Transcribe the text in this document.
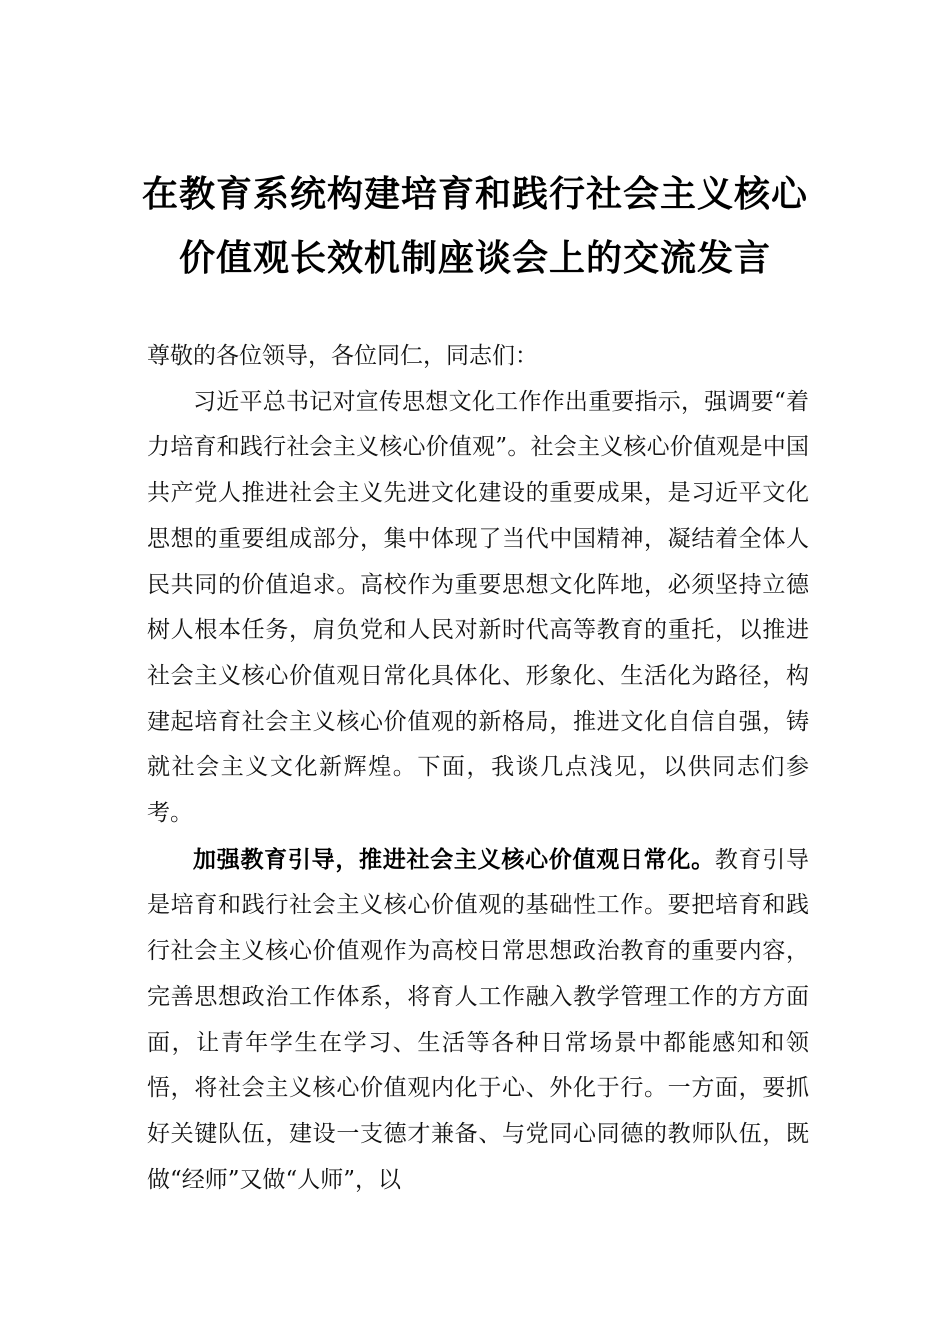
在教育系统构建培育和践行社会主义核心
价值观长效机制座谈会上的交流发言

尊敬的各位领导，各位同仁，同志们：

习近平总书记对宣传思想文化工作作出重要指示，强调要“着力培育和践行社会主义核心价值观”。社会主义核心价值观是中国共产党人推进社会主义先进文化建设的重要成果，是习近平文化思想的重要组成部分，集中体现了当代中国精神，凝结着全体人民共同的价值追求。高校作为重要思想文化阵地，必须坚持立德树人根本任务，肩负党和人民对新时代高等教育的重托，以推进社会主义核心价值观日常化具体化、形象化、生活化为路径，构建起培育社会主义核心价值观的新格局，推进文化自信自强，铸就社会主义文化新辉煌。下面，我谈几点浅见，以供同志们参考。

加强教育引导，推进社会主义核心价值观日常化。教育引导是培育和践行社会主义核心价值观的基础性工作。要把培育和践行社会主义核心价值观作为高校日常思想政治教育的重要内容，完善思想政治工作体系，将育人工作融入教学管理工作的方方面面，让青年学生在学习、生活等各种日常场景中都能感知和领悟，将社会主义核心价值观内化于心、外化于行。一方面，要抓好关键队伍，建设一支德才兼备、与党同心同德的教师队伍，既做“经师”又做“人师”，以
